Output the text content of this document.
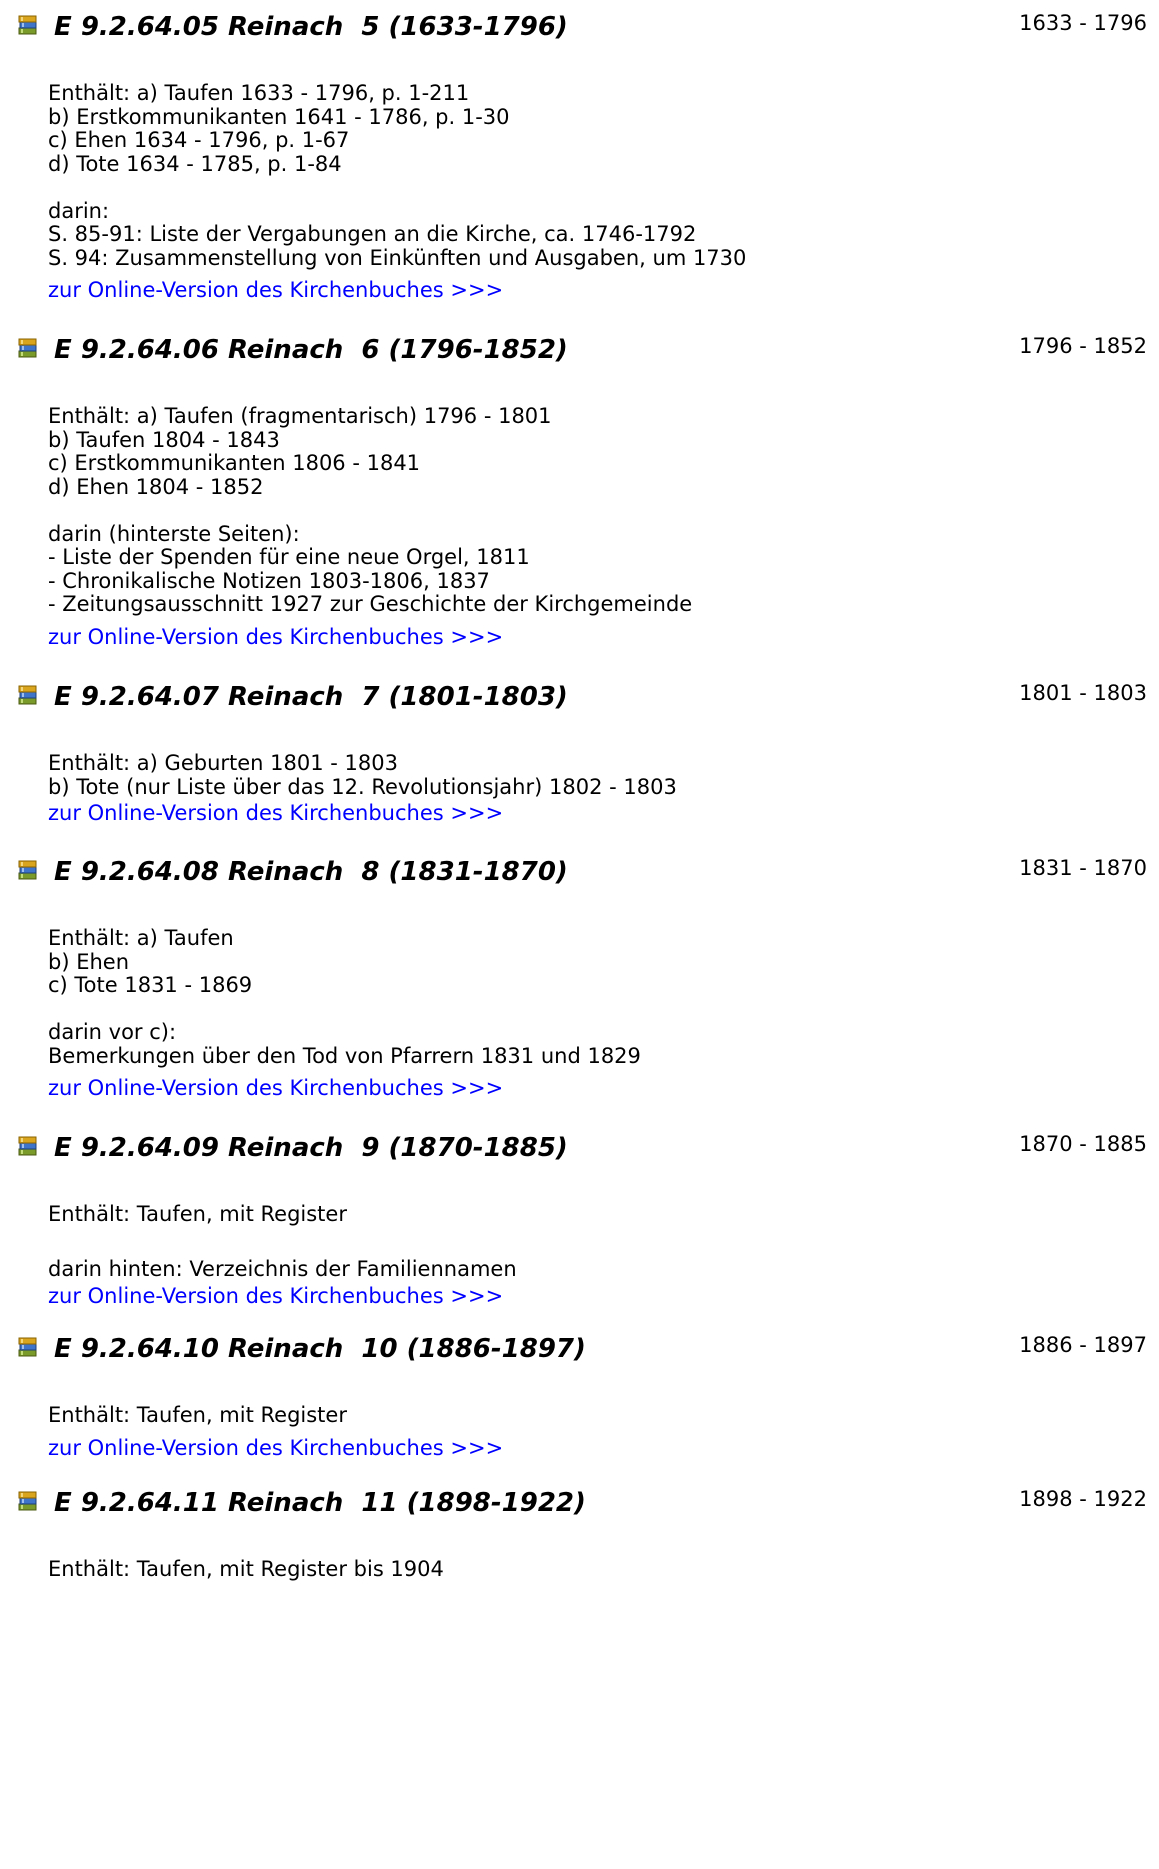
E 9.2.64.05 Reinach  5 (1633-1796)	1633 - 1796
Enthält: a) Taufen 1633 - 1796, p. 1-211
b) Erstkommunikanten 1641 - 1786, p. 1-30
c) Ehen 1634 - 1796, p. 1-67
d) Tote 1634 - 1785, p. 1-84
darin:
S. 85-91: Liste der Vergabungen an die Kirche, ca. 1746-1792
S. 94: Zusammenstellung von Einkünften und Ausgaben, um 1730
zur Online-Version des Kirchenbuches >>>
E 9.2.64.06 Reinach  6 (1796-1852)	1796 - 1852
Enthält: a) Taufen (fragmentarisch) 1796 - 1801
b) Taufen 1804 - 1843
c) Erstkommunikanten 1806 - 1841
d) Ehen 1804 - 1852
darin (hinterste Seiten):
- Liste der Spenden für eine neue Orgel, 1811
- Chronikalische Notizen 1803-1806, 1837
- Zeitungsausschnitt 1927 zur Geschichte der Kirchgemeinde
zur Online-Version des Kirchenbuches >>>
E 9.2.64.07 Reinach  7 (1801-1803)	1801 - 1803
Enthält: a) Geburten 1801 - 1803
b) Tote (nur Liste über das 12. Revolutionsjahr) 1802 - 1803
zur Online-Version des Kirchenbuches >>>
E 9.2.64.08 Reinach  8 (1831-1870)	1831 - 1870
Enthält: a) Taufen
b) Ehen
c) Tote 1831 - 1869
darin vor c):
Bemerkungen über den Tod von Pfarrern 1831 und 1829
zur Online-Version des Kirchenbuches >>>
E 9.2.64.09 Reinach  9 (1870-1885)	1870 - 1885
Enthält: Taufen, mit Register
darin hinten: Verzeichnis der Familiennamen
zur Online-Version des Kirchenbuches >>>
E 9.2.64.10 Reinach  10 (1886-1897)	1886 - 1897
Enthält: Taufen, mit Register
zur Online-Version des Kirchenbuches >>>
E 9.2.64.11 Reinach  11 (1898-1922)	1898 - 1922
Enthält: Taufen, mit Register bis 1904
